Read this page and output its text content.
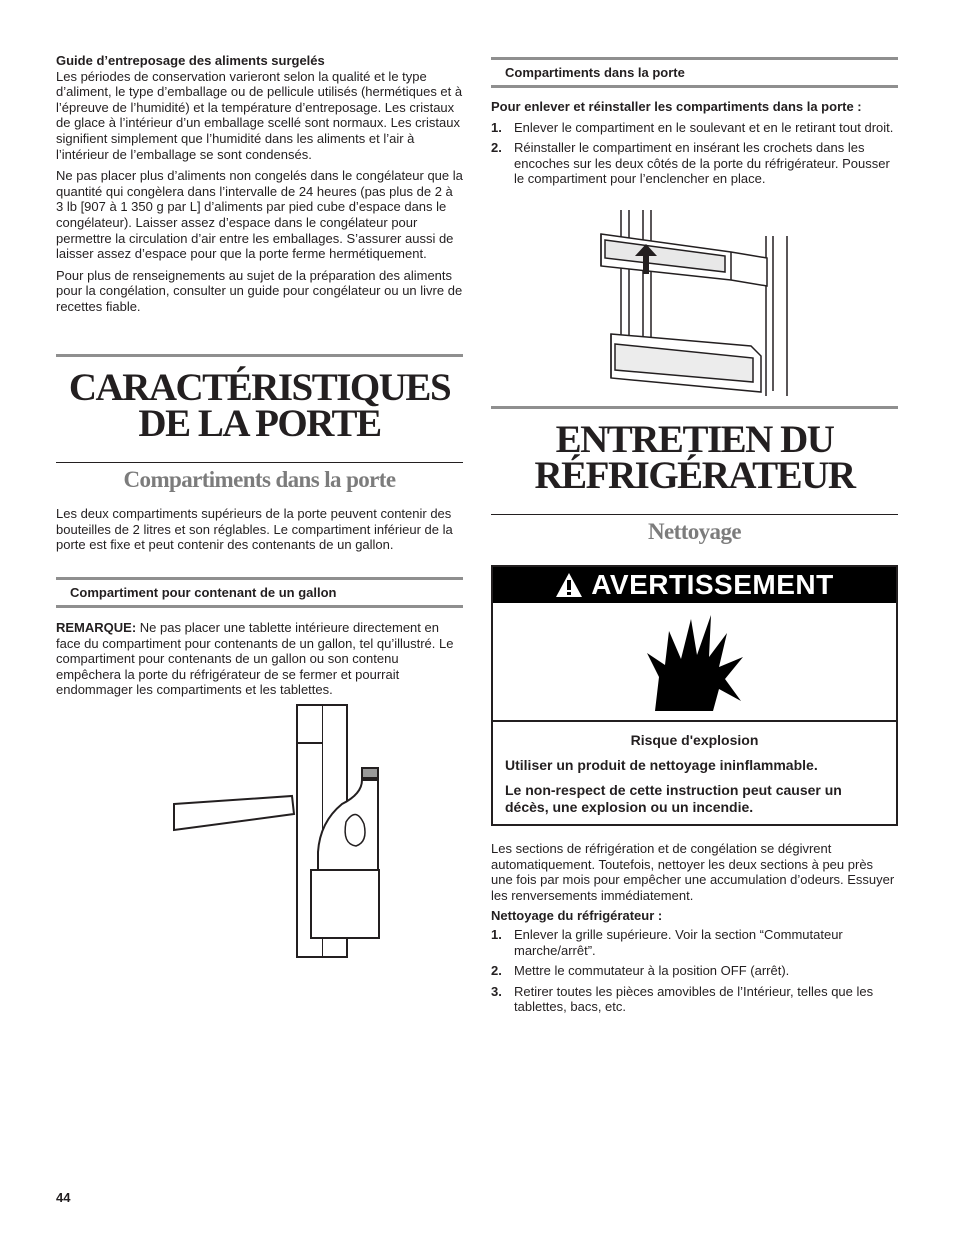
Guide d’entreposage des aliments surgelés

Les périodes de conservation varieront selon la qualité et le type d’aliment, le type d’emballage ou de pellicule utilisés (hermétiques et à l’épreuve de l’humidité) et la température d’entreposage. Les cristaux de glace à l’intérieur d’un emballage scellé sont normaux. Les cristaux signifient simplement que l’humidité dans les aliments et l’air à l’intérieur de l’emballage se sont condensés.

Ne pas placer plus d’aliments non congelés dans le congélateur que la quantité qui congèlera dans l’intervalle de 24 heures (pas plus de 2 à 3 lb [907 à 1 350 g par L] d’aliments par pied cube d’espace dans le congélateur). Laisser assez d’espace dans le congélateur pour permettre la circulation d’air entre les emballages. S’assurer aussi de laisser assez d’espace pour que la porte ferme hermétiquement.

Pour plus de renseignements au sujet de la préparation des aliments pour la congélation, consulter un guide pour congélateur ou un livre de recettes fiable.

CARACTÉRISTIQUES

DE LA PORTE

Compartiments dans la porte

Les deux compartiments supérieurs de la porte peuvent contenir des bouteilles de 2 litres et son réglables. Le compartiment inférieur de la porte est fixe et peut contenir des contenants de un gallon.

Compartiment pour contenant de un gallon

REMARQUE: Ne pas placer une tablette intérieure directement en face du compartiment pour contenants de un gallon, tel qu’illustré. Le compartiment pour contenants de un gallon ou son contenu empêchera la porte du réfrigérateur de se fermer et pourrait endommager les compartiments et les tablettes.

Compartiments dans la porte

Pour enlever et réinstaller les compartiments dans la porte :

1. Enlever le compartiment en le soulevant et en le retirant tout droit.
2. Réinstaller le compartiment en insérant les crochets dans les encoches sur les deux côtés de la porte du réfrigérateur. Pousser le compartiment pour l’enclencher en place.

ENTRETIEN DU

RÉFRIGÉRATEUR

Nettoyage

AVERTISSEMENT

Risque d'explosion

Utiliser un produit de nettoyage ininflammable.

Le non-respect de cette instruction peut causer un décès, une explosion ou un incendie.

Les sections de réfrigération et de congélation se dégivrent automatiquement. Toutefois, nettoyer les deux sections à peu près une fois par mois pour empêcher une accumulation d’odeurs. Essuyer les renversements immédiatement.

Nettoyage du réfrigérateur :

1. Enlever la grille supérieure. Voir la section “Commutateur marche/arrêt”.
2. Mettre le commutateur à la position OFF (arrêt).
3. Retirer toutes les pièces amovibles de l’Intérieur, telles que les tablettes, bacs, etc.
44
